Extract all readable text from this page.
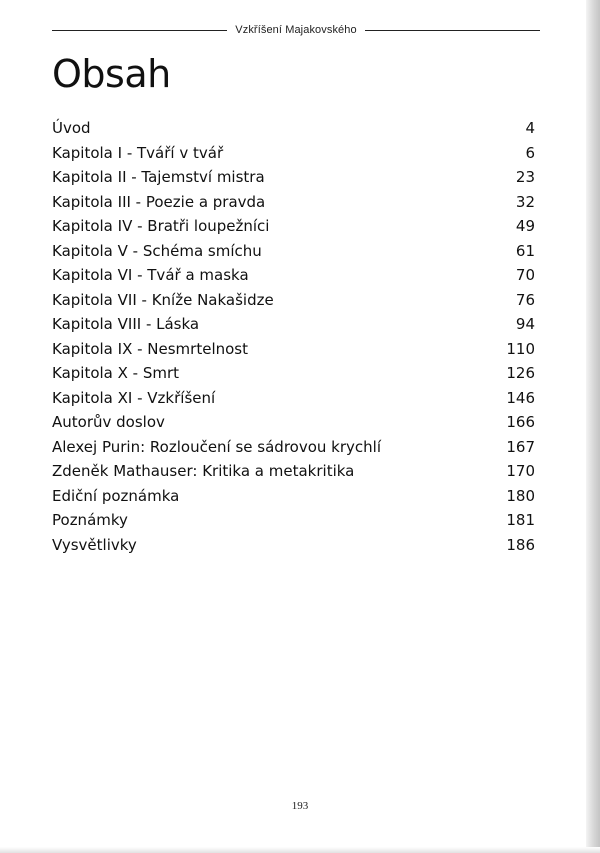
Vzkříšení Majakovského
Obsah
Úvod	4
Kapitola I - Tváří v tvář	6
Kapitola II - Tajemství mistra	23
Kapitola III - Poezie a pravda	32
Kapitola IV - Bratři loupežníci	49
Kapitola V - Schéma smíchu	61
Kapitola VI - Tvář a maska	70
Kapitola VII - Kníže Nakašidze	76
Kapitola VIII - Láska	94
Kapitola IX - Nesmrtelnost	110
Kapitola X - Smrt	126
Kapitola XI - Vzkříšení	146
Autorův doslov	166
Alexej Purin: Rozloučení se sádrovou krychlí	167
Zdeněk Mathauser: Kritika a metakritika	170
Ediční poznámka	180
Poznámky	181
Vysvětlivky	186
193
